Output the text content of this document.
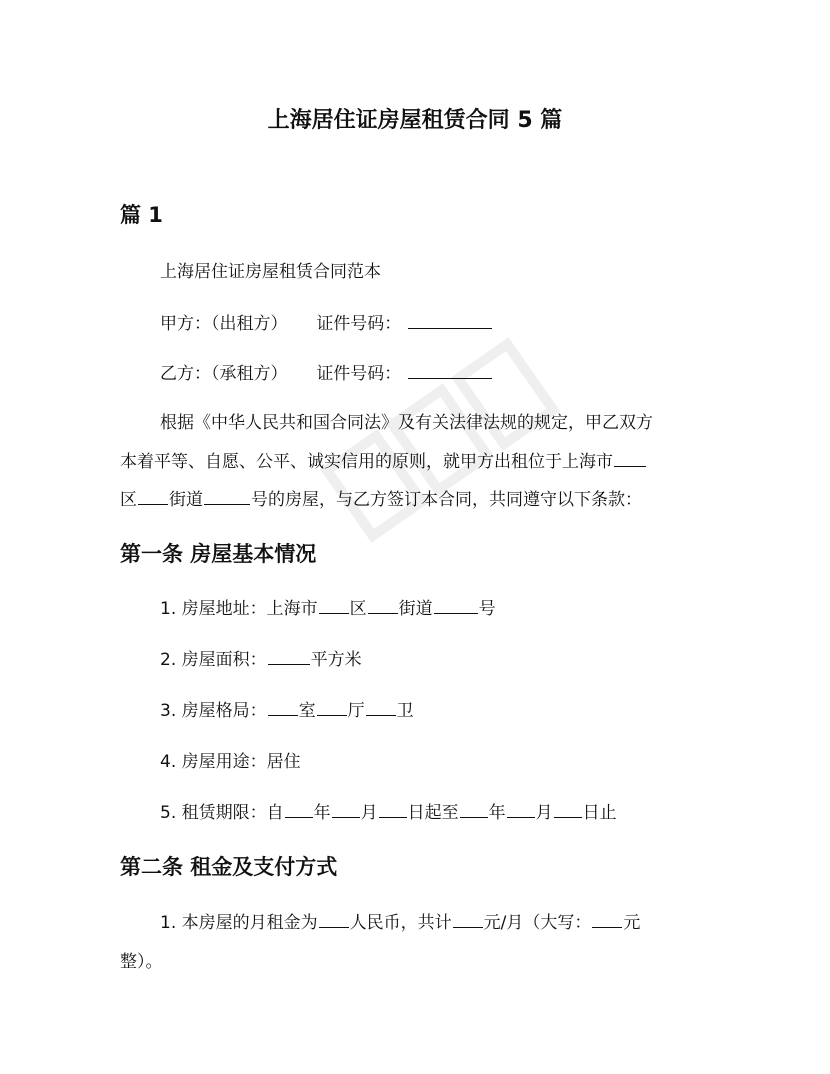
上海居住证房屋租赁合同 5 篇
篇 1
上海居住证房屋租赁合同范本
甲方：（出租方） 证件号码：
乙方：（承租方） 证件号码：
根据《中华人民共和国合同法》及有关法律法规的规定，甲乙双方
本着平等、自愿、公平、诚实信用的原则，就甲方出租位于上海市
区 街道	号的房屋，与乙方签订本合同，共同遵守以下条款：
第一条 房屋基本情况
1. 房屋地址：上海市 区 街道	号
2. 房屋面积：	平方米
3. 房屋格局： 室 厅 卫
4. 房屋用途：居住
5. 租赁期限：自 年 月 日起至 年 月 日止
第二条 租金及支付方式
1. 本房屋的月租金为 人民币，共计 元/月（大写： 元
整）。
